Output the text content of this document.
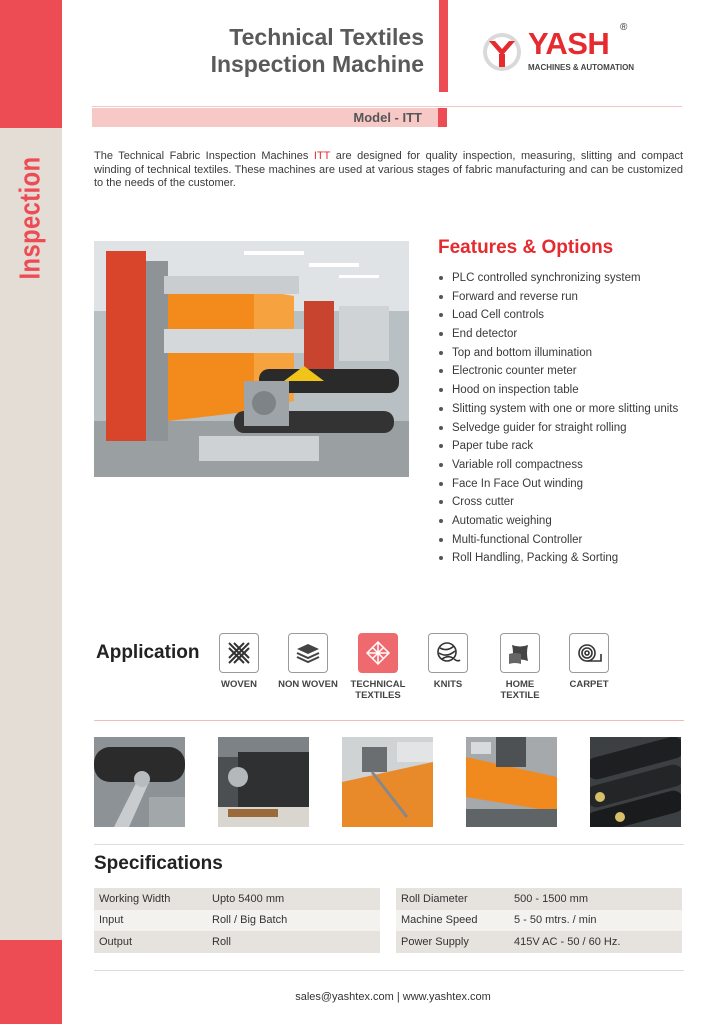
Inspection
Technical Textiles
Inspection Machine
YASH
MACHINES & AUTOMATION
®
Model - ITT

The Technical Fabric Inspection Machines ITT are designed for quality inspection, measuring, slitting and compact winding of technical textiles. These machines are used at various stages of fabric manufacturing and can be customized to the needs of the customer.

Features & Options
PLC controlled synchronizing system
Forward and reverse run
Load Cell controls
End detector
Top and bottom illumination
Electronic counter meter
Hood on inspection table
Slitting system with one or more slitting units
Selvedge guider for straight rolling
Paper tube rack
Variable roll compactness
Face In Face Out winding
Cross cutter
Automatic weighing
Multi-functional Controller
Roll Handling, Packing & Sorting
Application
WOVEN	NON WOVEN	TECHNICAL
TEXTILES
KNITS	HOME
TEXTILE
CARPET
Specifications
Working Width	Upto 5400 mm
Input	Roll / Big Batch
Output	Roll
Roll Diameter	500 - 1500 mm
Machine Speed	5 - 50 mtrs. / min
Power Supply	415V AC - 50 / 60 Hz.
sales@yashtex.com | www.yashtex.com
